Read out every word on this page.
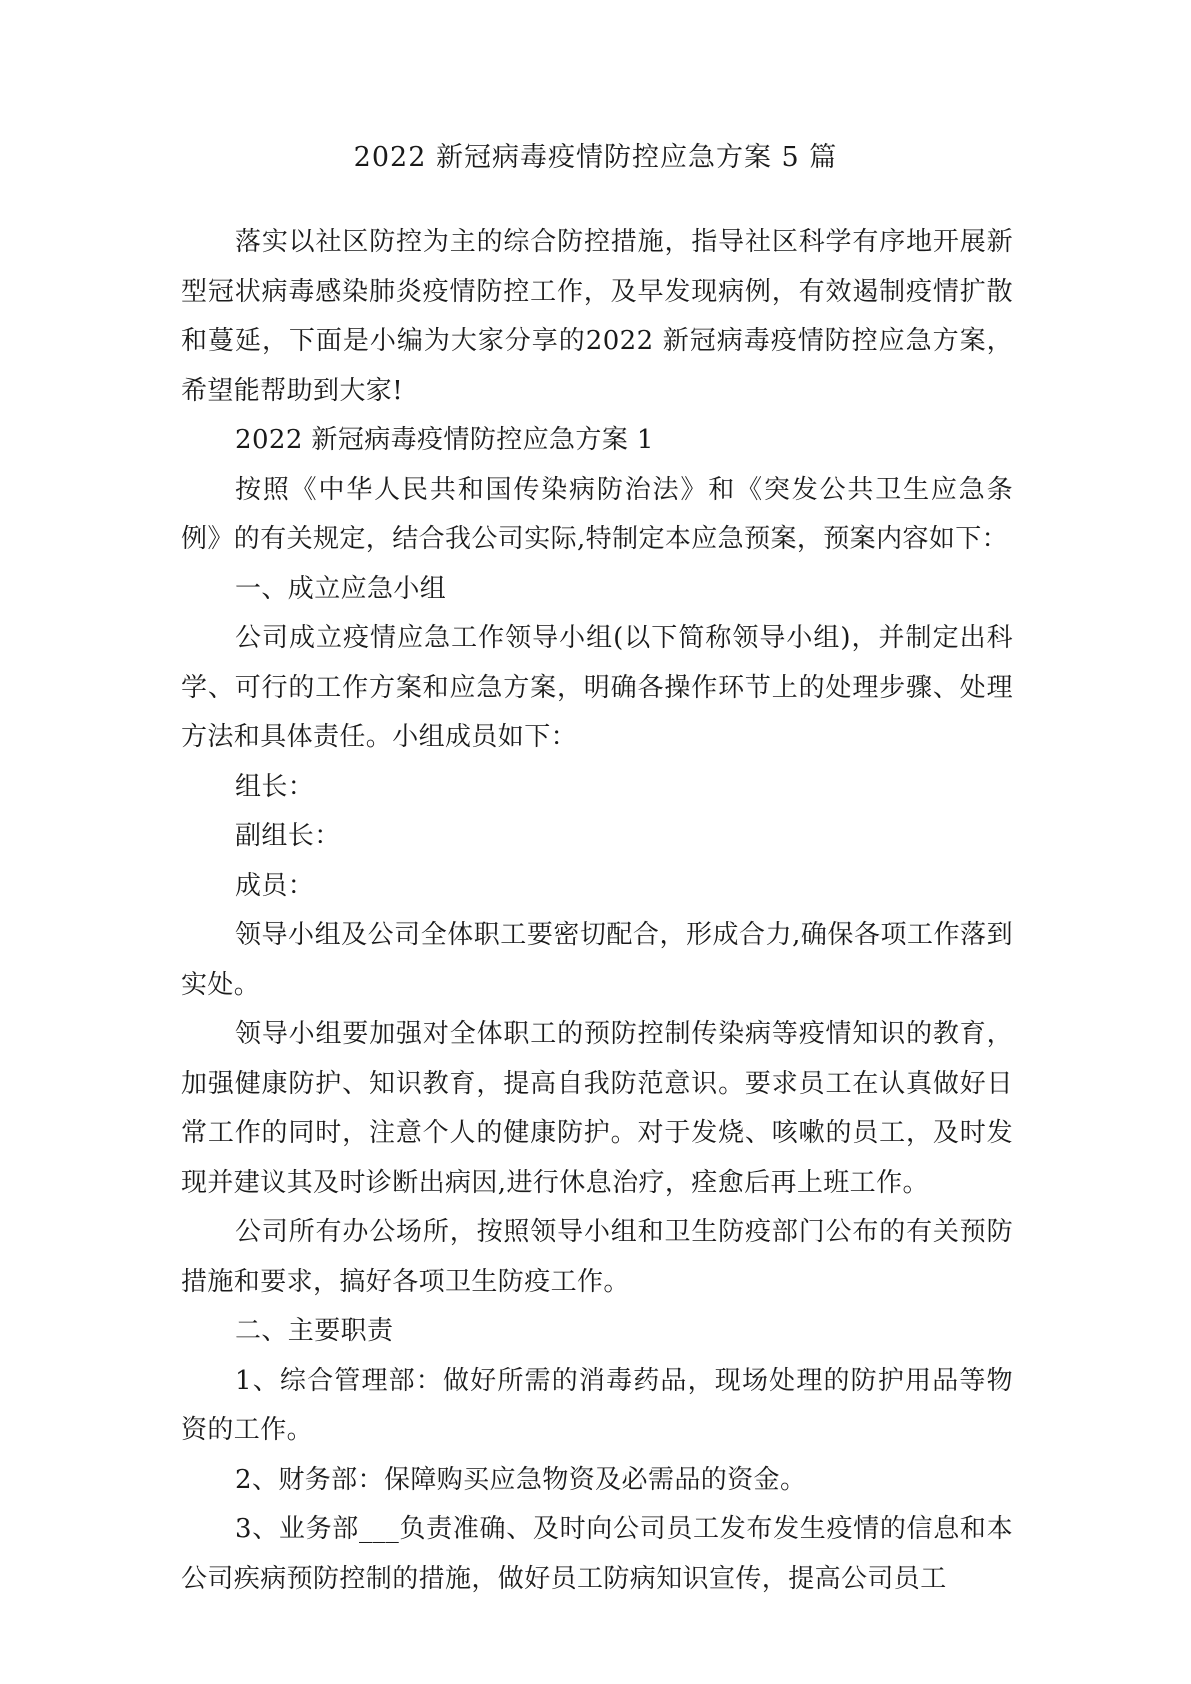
2022 新冠病毒疫情防控应急方案 5 篇

落实以社区防控为主的综合防控措施，指导社区科学有序地开展新型冠状病毒感染肺炎疫情防控工作，及早发现病例，有效遏制疫情扩散和蔓延，下面是小编为大家分享的2022 新冠病毒疫情防控应急方案，希望能帮助到大家!

2022 新冠病毒疫情防控应急方案 1

按照《中华人民共和国传染病防治法》和《突发公共卫生应急条例》的有关规定，结合我公司实际,特制定本应急预案，预案内容如下：

一、成立应急小组

公司成立疫情应急工作领导小组(以下简称领导小组)，并制定出科学、可行的工作方案和应急方案，明确各操作环节上的处理步骤、处理方法和具体责任。小组成员如下：

组长：

副组长：

成员：

领导小组及公司全体职工要密切配合，形成合力,确保各项工作落到实处。

领导小组要加强对全体职工的预防控制传染病等疫情知识的教育，加强健康防护、知识教育，提高自我防范意识。要求员工在认真做好日常工作的同时，注意个人的健康防护。对于发烧、咳嗽的员工，及时发现并建议其及时诊断出病因,进行休息治疗，痊愈后再上班工作。

公司所有办公场所，按照领导小组和卫生防疫部门公布的有关预防措施和要求，搞好各项卫生防疫工作。

二、主要职责

1、综合管理部：做好所需的消毒药品，现场处理的防护用品等物资的工作。

2、财务部：保障购买应急物资及必需品的资金。

3、业务部___负责准确、及时向公司员工发布发生疫情的信息和本公司疾病预防控制的措施，做好员工防病知识宣传，提高公司员工
